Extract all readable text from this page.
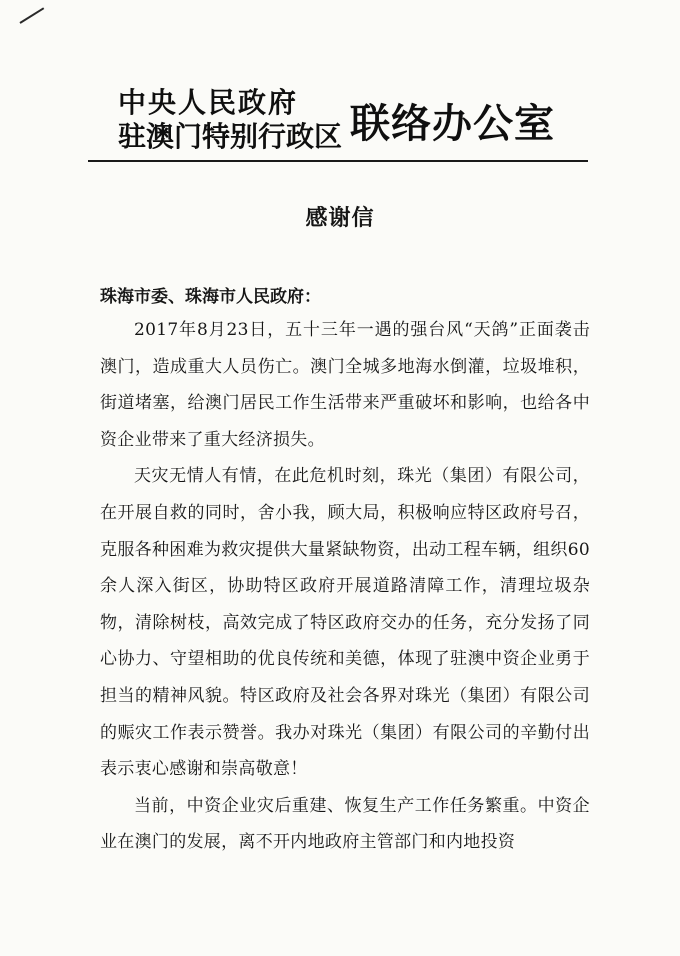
中央人民政府
驻澳门特别行政区 联络办公室
感谢信
珠海市委、珠海市人民政府：

2017年8月23日，五十三年一遇的强台风“天鸽”正面袭击澳门，造成重大人员伤亡。澳门全城多地海水倒灌，垃圾堆积，街道堵塞，给澳门居民工作生活带来严重破坏和影响，也给各中资企业带来了重大经济损失。

天灾无情人有情，在此危机时刻，珠光（集团）有限公司，在开展自救的同时，舍小我，顾大局，积极响应特区政府号召，克服各种困难为救灾提供大量紧缺物资，出动工程车辆，组织60余人深入街区，协助特区政府开展道路清障工作，清理垃圾杂物，清除树枝，高效完成了特区政府交办的任务，充分发扬了同心协力、守望相助的优良传统和美德，体现了驻澳中资企业勇于担当的精神风貌。特区政府及社会各界对珠光（集团）有限公司的赈灾工作表示赞誉。我办对珠光（集团）有限公司的辛勤付出表示衷心感谢和崇高敬意！

当前，中资企业灾后重建、恢复生产工作任务繁重。中资企业在澳门的发展，离不开内地政府主管部门和内地投资
